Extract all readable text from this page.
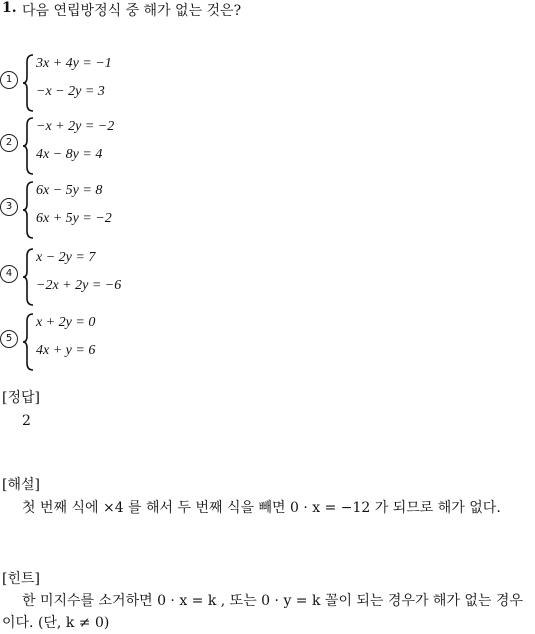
1. 다음 연립방정식 중 해가 없는 것은?
1
3x + 4y = −1
−x − 2y = 3
2
−x + 2y = −2
4x − 8y = 4
3
6x − 5y = 8
6x + 5y = −2
4
x − 2y = 7
−2x + 2y = −6
5
x + 2y = 0
4x + y = 6
[정답]
2
[해설]
첫 번째 식에 ×4 를 해서 두 번째 식을 빼면 0 · x = −12 가 되므로 해가 없다.
[힌트]
한 미지수를 소거하면 0 · x = k , 또는 0 · y = k 꼴이 되는 경우가 해가 없는 경우이다. (단, k ≠ 0)
